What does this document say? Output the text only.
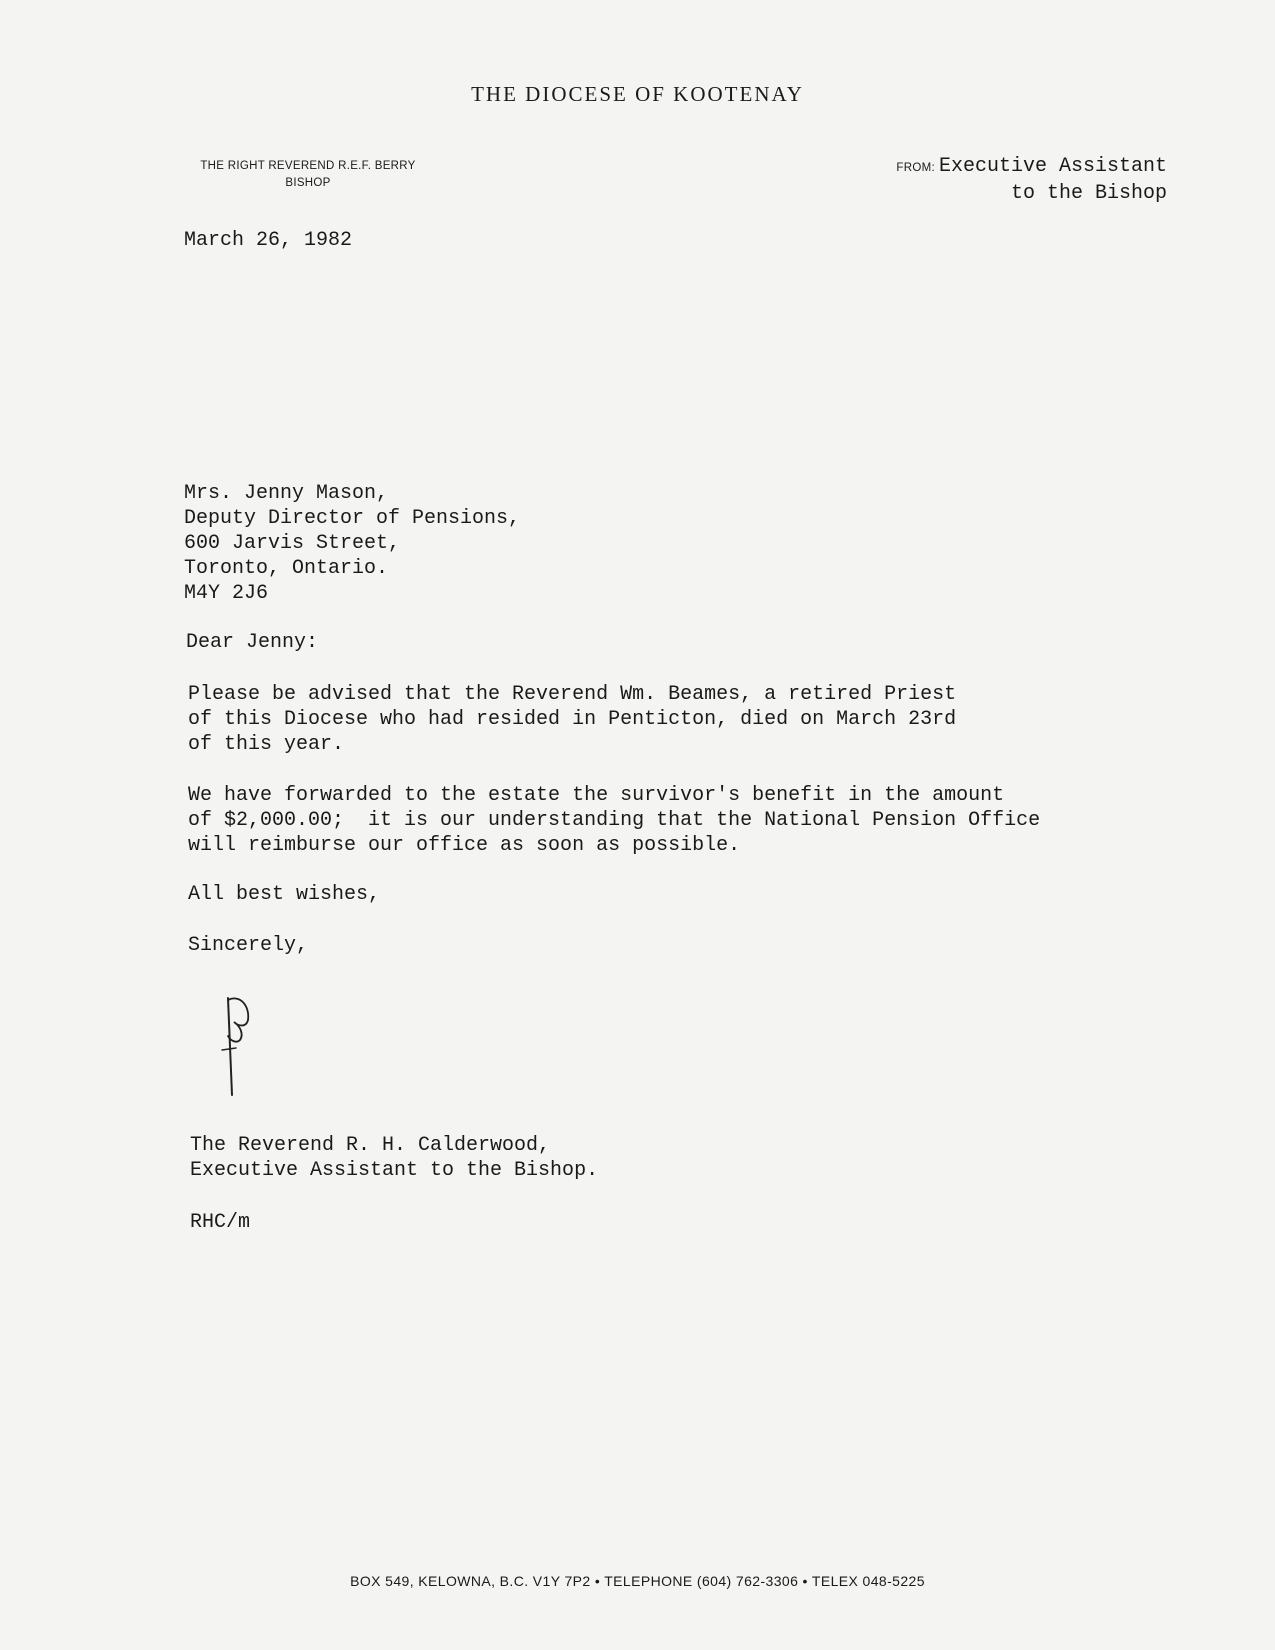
THE DIOCESE OF KOOTENAY
THE RIGHT REVEREND R.E.F. BERRY
BISHOP
FROM: Executive Assistant
to the Bishop
March 26, 1982
Mrs. Jenny Mason,
Deputy Director of Pensions,
600 Jarvis Street,
Toronto, Ontario.
M4Y 2J6
Dear Jenny:
Please be advised that the Reverend Wm. Beames, a retired Priest
of this Diocese who had resided in Penticton, died on March 23rd
of this year.
We have forwarded to the estate the survivor's benefit in the amount
of $2,000.00;  it is our understanding that the National Pension Office
will reimburse our office as soon as possible.
All best wishes,
Sincerely,
The Reverend R. H. Calderwood,
Executive Assistant to the Bishop.
RHC/m
BOX 549, KELOWNA, B.C. V1Y 7P2 • TELEPHONE (604) 762-3306 • TELEX 048-5225
